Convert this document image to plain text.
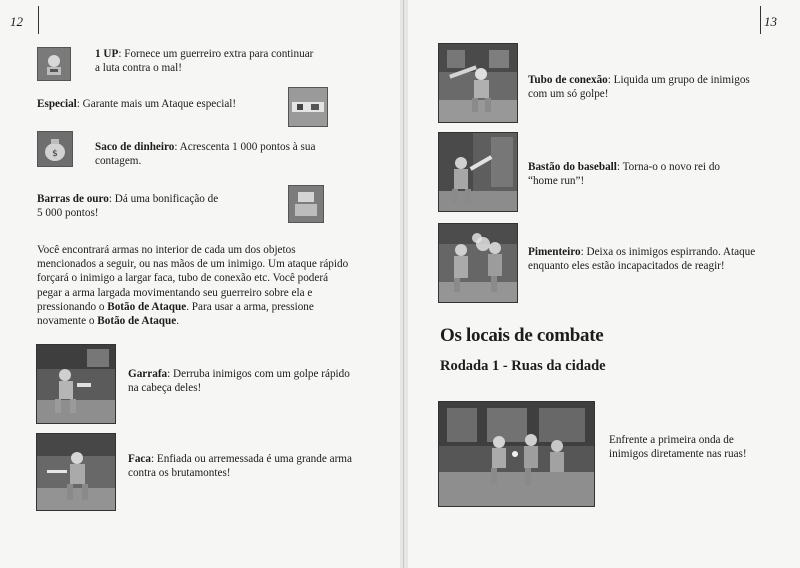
12	13
1 UP: Fornece um guerreiro extra para continuar
a luta contra o mal!
Especial: Garante mais um Ataque especial!
$
Saco de dinheiro: Acrescenta 1 000 pontos à sua
contagem.
Barras de ouro: Dá uma bonificação de
5 000 pontos!
Você encontrará armas no interior de cada um dos objetos
mencionados a seguir, ou nas mãos de um inimigo. Um ataque rápido
forçará o inimigo a largar faca, tubo de conexão etc. Você poderá
pegar a arma largada movimentando seu guerreiro sobre ela e
pressionando o Botão de Ataque. Para usar a arma, pressione
novamente o Botão de Ataque.
Garrafa: Derruba inimigos com um golpe rápido
na cabeça deles!
Faca: Enfiada ou arremessada é uma grande arma
contra os brutamontes!
Tubo de conexão: Liquida um grupo de inimigos
com um só golpe!
Bastão do baseball: Torna-o o novo rei do
“home run”!
Pimenteiro: Deixa os inimigos espirrando. Ataque
enquanto eles estão incapacitados de reagir!
Os locais de combate
Rodada 1 - Ruas da cidade
Enfrente a primeira onda de
inimigos diretamente nas ruas!
